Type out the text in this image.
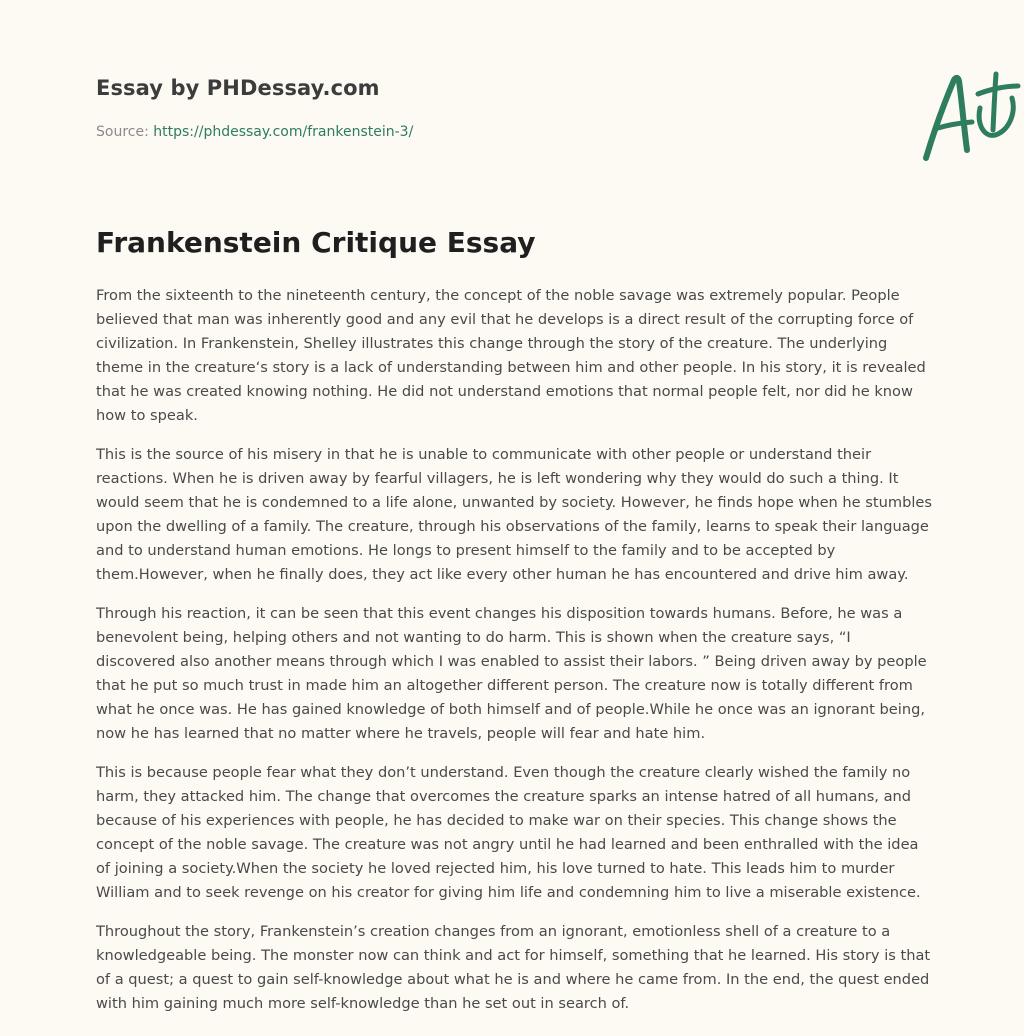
Essay by PHDessay.com
Source: https://phdessay.com/frankenstein-3/
Frankenstein Critique Essay

From the sixteenth to the nineteenth century, the concept of the noble savage was extremely popular. People believed that man was inherently good and any evil that he develops is a direct result of the corrupting force of civilization. In Frankenstein, Shelley illustrates this change through the story of the creature. The underlying theme in the creature‘s story is a lack of understanding between him and other people. In his story, it is revealed that he was created knowing nothing. He did not understand emotions that normal people felt, nor did he know how to speak.

This is the source of his misery in that he is unable to communicate with other people or understand their reactions. When he is driven away by fearful villagers, he is left wondering why they would do such a thing. It would seem that he is condemned to a life alone, unwanted by society. However, he finds hope when he stumbles upon the dwelling of a family. The creature, through his observations of the family, learns to speak their language and to understand human emotions. He longs to present himself to the family and to be accepted by them.However, when he finally does, they act like every other human he has encountered and drive him away.

Through his reaction, it can be seen that this event changes his disposition towards humans. Before, he was a benevolent being, helping others and not wanting to do harm. This is shown when the creature says, “I discovered also another means through which I was enabled to assist their labors. ” Being driven away by people that he put so much trust in made him an altogether different person. The creature now is totally different from what he once was. He has gained knowledge of both himself and of people.While he once was an ignorant being, now he has learned that no matter where he travels, people will fear and hate him.

This is because people fear what they don’t understand. Even though the creature clearly wished the family no harm, they attacked him. The change that overcomes the creature sparks an intense hatred of all humans, and because of his experiences with people, he has decided to make war on their species. This change shows the concept of the noble savage. The creature was not angry until he had learned and been enthralled with the idea of joining a society.When the society he loved rejected him, his love turned to hate. This leads him to murder William and to seek revenge on his creator for giving him life and condemning him to live a miserable existence.

Throughout the story, Frankenstein’s creation changes from an ignorant, emotionless shell of a creature to a knowledgeable being. The monster now can think and act for himself, something that he learned. His story is that of a quest; a quest to gain self-knowledge about what he is and where he came from. In the end, the quest ended with him gaining much more self-knowledge than he set out in search of.
